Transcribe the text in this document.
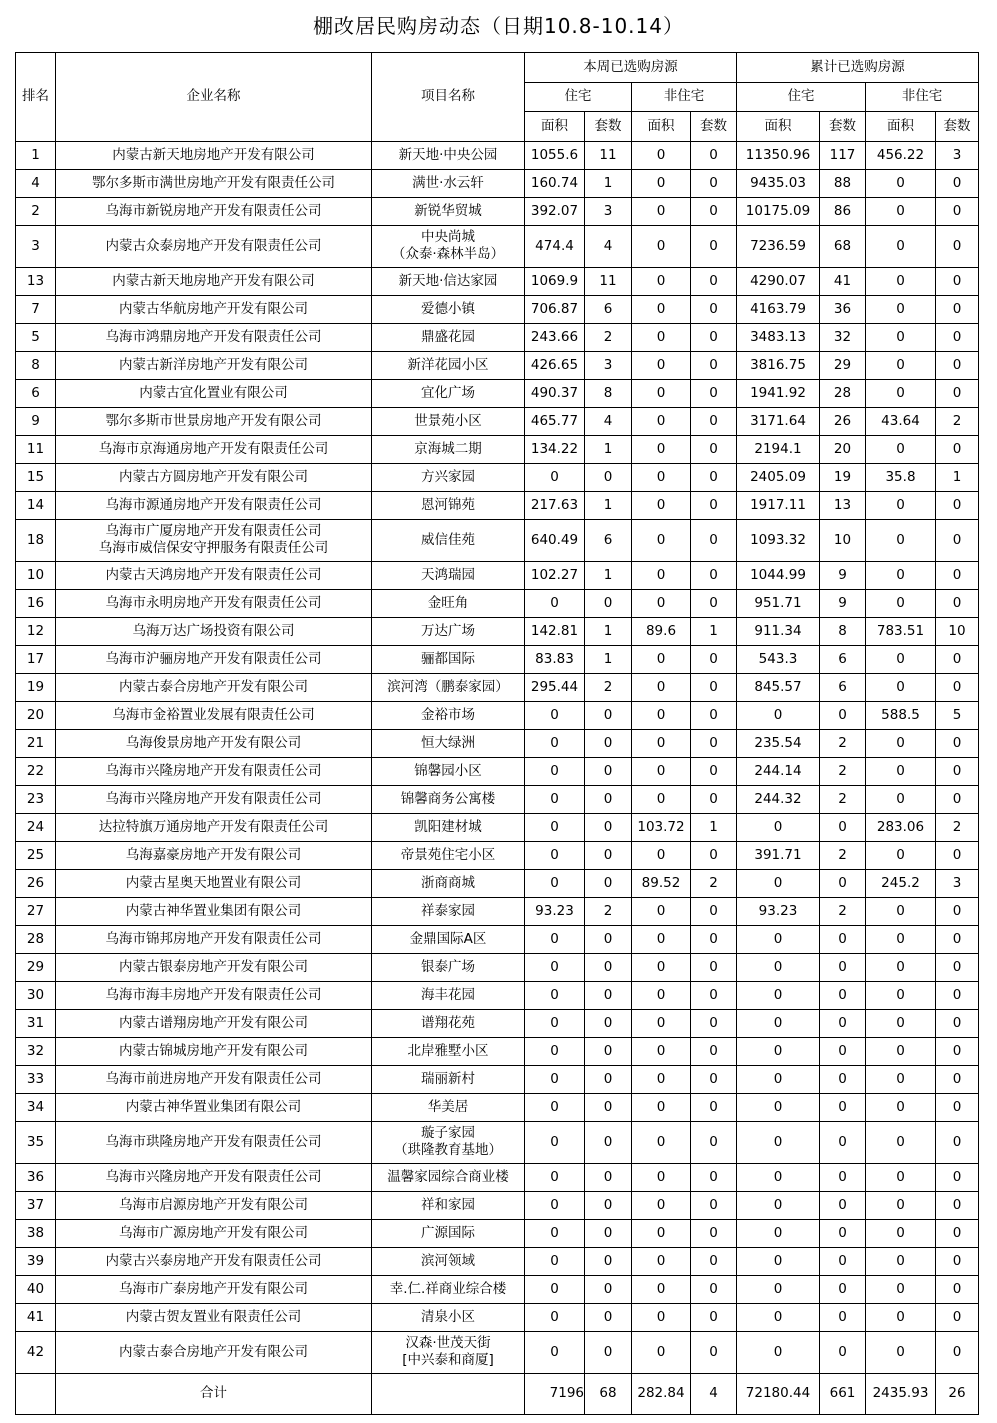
棚改居民购房动态（日期10.8-10.14）
排名	企业名称	项目名称	本周已选购房源				累计已选购房源			
			住宅		非住宅		住宅		非住宅	
			面积	套数	面积	套数	面积	套数	面积	套数
1	内蒙古新天地房地产开发有限公司	新天地·中央公园	1055.6	11	0	0	11350.96	117	456.22	3
4	鄂尔多斯市满世房地产开发有限责任公司	满世·水云轩	160.74	1	0	0	9435.03	88	0	0
2	乌海市新锐房地产开发有限责任公司	新锐华贸城	392.07	3	0	0	10175.09	86	0	0
3	内蒙古众泰房地产开发有限责任公司	中央尚城
（众泰·森林半岛）	474.4	4	0	0	7236.59	68	0	0
13	内蒙古新天地房地产开发有限公司	新天地·信达家园	1069.9	11	0	0	4290.07	41	0	0
7	内蒙古华航房地产开发有限公司	爱德小镇	706.87	6	0	0	4163.79	36	0	0
5	乌海市鸿鼎房地产开发有限责任公司	鼎盛花园	243.66	2	0	0	3483.13	32	0	0
8	内蒙古新洋房地产开发有限公司	新洋花园小区	426.65	3	0	0	3816.75	29	0	0
6	内蒙古宜化置业有限公司	宜化广场	490.37	8	0	0	1941.92	28	0	0
9	鄂尔多斯市世景房地产开发有限公司	世景苑小区	465.77	4	0	0	3171.64	26	43.64	2
11	乌海市京海通房地产开发有限责任公司	京海城二期	134.22	1	0	0	2194.1	20	0	0
15	内蒙古方圆房地产开发有限公司	方兴家园	0	0	0	0	2405.09	19	35.8	1
14	乌海市源通房地产开发有限责任公司	恩河锦苑	217.63	1	0	0	1917.11	13	0	0
18	乌海市广厦房地产开发有限责任公司
乌海市威信保安守押服务有限责任公司	威信佳苑	640.49	6	0	0	1093.32	10	0	0
10	内蒙古天鸿房地产开发有限责任公司	天鸿瑞园	102.27	1	0	0	1044.99	9	0	0
16	乌海市永明房地产开发有限责任公司	金旺角	0	0	0	0	951.71	9	0	0
12	乌海万达广场投资有限公司	万达广场	142.81	1	89.6	1	911.34	8	783.51	10
17	乌海市沪骊房地产开发有限责任公司	骊都国际	83.83	1	0	0	543.3	6	0	0
19	内蒙古泰合房地产开发有限公司	滨河湾（鹏泰家园）	295.44	2	0	0	845.57	6	0	0
20	乌海市金裕置业发展有限责任公司	金裕市场	0	0	0	0	0	0	588.5	5
21	乌海俊景房地产开发有限公司	恒大绿洲	0	0	0	0	235.54	2	0	0
22	乌海市兴隆房地产开发有限责任公司	锦馨园小区	0	0	0	0	244.14	2	0	0
23	乌海市兴隆房地产开发有限责任公司	锦馨商务公寓楼	0	0	0	0	244.32	2	0	0
24	达拉特旗万通房地产开发有限责任公司	凯阳建材城	0	0	103.72	1	0	0	283.06	2
25	乌海嘉豪房地产开发有限公司	帝景苑住宅小区	0	0	0	0	391.71	2	0	0
26	内蒙古星奥天地置业有限公司	浙商商城	0	0	89.52	2	0	0	245.2	3
27	内蒙古神华置业集团有限公司	祥泰家园	93.23	2	0	0	93.23	2	0	0
28	乌海市锦邦房地产开发有限责任公司	金鼎国际A区	0	0	0	0	0	0	0	0
29	内蒙古银泰房地产开发有限公司	银泰广场	0	0	0	0	0	0	0	0
30	乌海市海丰房地产开发有限责任公司	海丰花园	0	0	0	0	0	0	0	0
31	内蒙古谱翔房地产开发有限公司	谱翔花苑	0	0	0	0	0	0	0	0
32	内蒙古锦城房地产开发有限公司	北岸雅墅小区	0	0	0	0	0	0	0	0
33	乌海市前进房地产开发有限责任公司	瑞丽新村	0	0	0	0	0	0	0	0
34	内蒙古神华置业集团有限公司	华美居	0	0	0	0	0	0	0	0
35	乌海市珙隆房地产开发有限责任公司	璇子家园
（珙隆教育基地）	0	0	0	0	0	0	0	0
36	乌海市兴隆房地产开发有限责任公司	温馨家园综合商业楼	0	0	0	0	0	0	0	0
37	乌海市启源房地产开发有限公司	祥和家园	0	0	0	0	0	0	0	0
38	乌海市广源房地产开发有限公司	广源国际	0	0	0	0	0	0	0	0
39	内蒙古兴泰房地产开发有限责任公司	滨河领域	0	0	0	0	0	0	0	0
40	乌海市广泰房地产开发有限公司	幸.仁.祥商业综合楼	0	0	0	0	0	0	0	0
41	内蒙古贺友置业有限责任公司	清泉小区	0	0	0	0	0	0	0	0
42	内蒙古泰合房地产开发有限公司	汉森·世茂天街
[中兴泰和商厦]	0	0	0	0	0	0	0	0
	合计		7196	68	282.84	4	72180.44	661	2435.93	26
